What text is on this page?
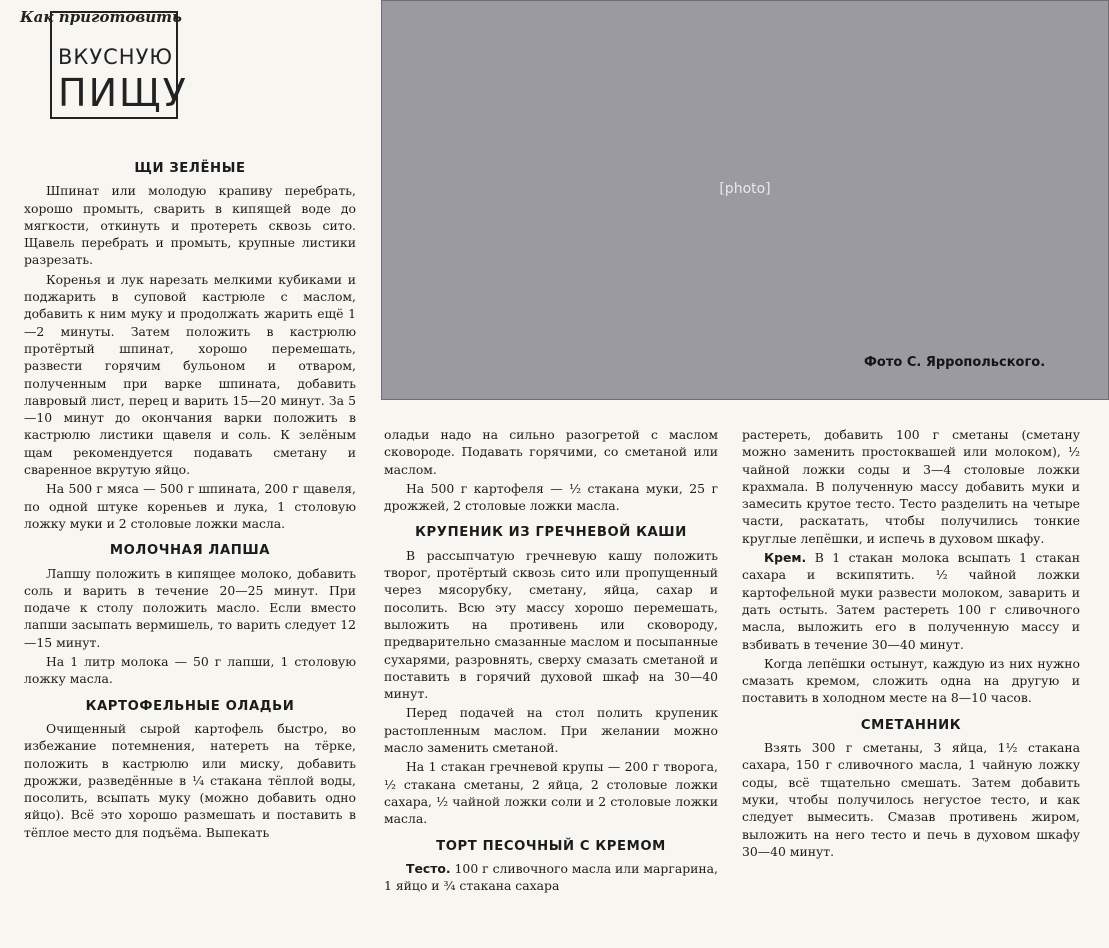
Как приготовить
ВКУСНУЮ
ПИЩУ
[photo]
Фото С. Ярропольского.
ЩИ ЗЕЛЁНЫЕ

Шпинат или молодую крапиву перебрать, хорошо промыть, сварить в кипящей воде до мягкости, откинуть и протереть сквозь сито. Щавель перебрать и промыть, крупные листики разрезать.

Коренья и лук нарезать мелкими кубиками и поджарить в суповой кастрюле с маслом, добавить к ним муку и продолжать жарить ещё 1—2 минуты. Затем положить в кастрюлю протёртый шпинат, хорошо перемешать, развести горячим бульоном и отваром, полученным при варке шпината, добавить лавровый лист, перец и варить 15—20 минут. За 5—10 минут до окончания варки положить в кастрюлю листики щавеля и соль. К зелёным щам рекомендуется подавать сметану и сваренное вкрутую яйцо.

На 500 г мяса — 500 г шпината, 200 г щавеля, по одной штуке кореньев и лука, 1 столовую ложку муки и 2 столовые ложки масла.

МОЛОЧНАЯ ЛАПША

Лапшу положить в кипящее молоко, добавить соль и варить в течение 20—25 минут. При подаче к столу положить масло. Если вместо лапши засыпать вермишель, то варить следует 12—15 минут.

На 1 литр молока — 50 г лапши, 1 столовую ложку масла.

КАРТОФЕЛЬНЫЕ ОЛАДЬИ

Очищенный сырой картофель быстро, во избежание потемнения, натереть на тёрке, положить в кастрюлю или миску, добавить дрожжи, разведённые в ¼ стакана тёплой воды, посолить, всыпать муку (можно добавить одно яйцо). Всё это хорошо размешать и поставить в тёплое место для подъёма. Выпекать

оладьи надо на сильно разогретой с маслом сковороде. Подавать горячими, со сметаной или маслом.

На 500 г картофеля — ½ стакана муки, 25 г дрожжей, 2 столовые ложки масла.

КРУПЕНИК ИЗ ГРЕЧНЕВОЙ КАШИ

В рассыпчатую гречневую кашу положить творог, протёртый сквозь сито или пропущенный через мясорубку, сметану, яйца, сахар и посолить. Всю эту массу хорошо перемешать, выложить на противень или сковороду, предварительно смазанные маслом и посыпанные сухарями, разровнять, сверху смазать сметаной и поставить в горячий духовой шкаф на 30—40 минут.

Перед подачей на стол полить крупеник растопленным маслом. При желании можно масло заменить сметаной.

На 1 стакан гречневой крупы — 200 г творога, ½ стакана сметаны, 2 яйца, 2 столовые ложки сахара, ½ чайной ложки соли и 2 столовые ложки масла.

ТОРТ ПЕСОЧНЫЙ С КРЕМОМ

Тесто. 100 г сливочного масла или маргарина, 1 яйцо и ¾ стакана сахара

растереть, добавить 100 г сметаны (сметану можно заменить простоквашей или молоком), ½ чайной ложки соды и 3—4 столовые ложки крахмала. В полученную массу добавить муки и замесить крутое тесто. Тесто разделить на четыре части, раскатать, чтобы получились тонкие круглые лепёшки, и испечь в духовом шкафу.

Крем. В 1 стакан молока всыпать 1 стакан сахара и вскипятить. ½ чайной ложки картофельной муки развести молоком, заварить и дать остыть. Затем растереть 100 г сливочного масла, выложить его в полученную массу и взбивать в течение 30—40 минут.

Когда лепёшки остынут, каждую из них нужно смазать кремом, сложить одна на другую и поставить в холодном месте на 8—10 часов.

СМЕТАННИК

Взять 300 г сметаны, 3 яйца, 1½ стакана сахара, 150 г сливочного масла, 1 чайную ложку соды, всё тщательно смешать. Затем добавить муки, чтобы получилось негустое тесто, и как следует вымесить. Смазав противень жиром, выложить на него тесто и печь в духовом шкафу 30—40 минут.
